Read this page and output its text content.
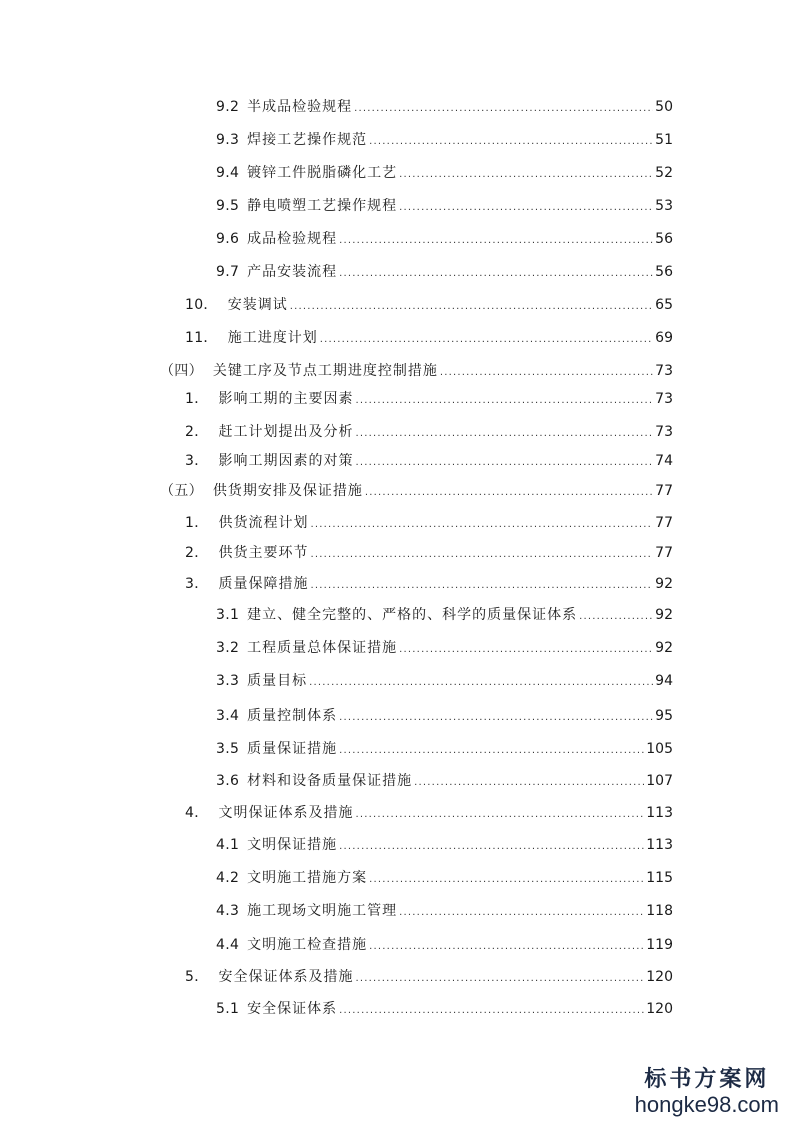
9.2 半成品检验规程 .....	50
9.3 焊接工艺操作规范 .....	51
9.4 镀锌工件脱脂磷化工艺 .....	52
9.5 静电喷塑工艺操作规程 .....	53
9.6 成品检验规程 .....	56
9.7 产品安装流程 .....	56
10． 安装调试 .....	65
11． 施工进度计划 .....	69
（四） 关键工序及节点工期进度控制措施 .....	73
1． 影响工期的主要因素 .....	73
2． 赶工计划提出及分析 .....	73
3． 影响工期因素的对策 .....	74
（五） 供货期安排及保证措施 .....	77
1． 供货流程计划 .....	77
2． 供货主要环节 .....	77
3． 质量保障措施 .....	92
3.1 建立、健全完整的、严格的、科学的质量保证体系 .....	92
3.2 工程质量总体保证措施 .....	92
3.3 质量目标 .....	94
3.4 质量控制体系 .....	95
3.5 质量保证措施 .....	105
3.6 材料和设备质量保证措施 .....	107
4． 文明保证体系及措施 .....	113
4.1 文明保证措施 .....	113
4.2 文明施工措施方案 .....	115
4.3 施工现场文明施工管理 .....	118
4.4 文明施工检查措施 .....	119
5． 安全保证体系及措施 .....	120
5.1 安全保证体系 .....	120
标书方案网
hongke98.com
